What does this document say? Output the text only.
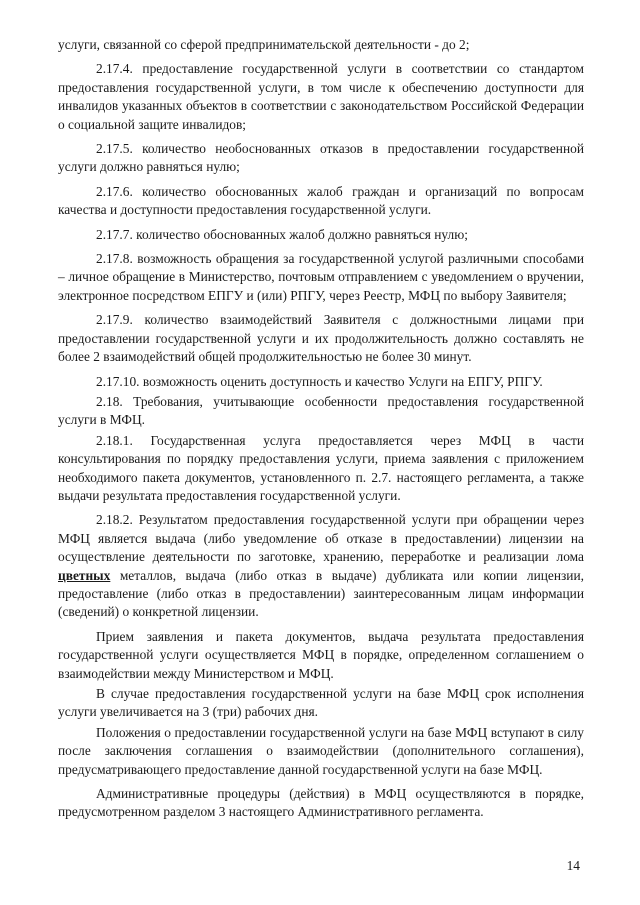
услуги, связанной со сферой предпринимательской деятельности - до 2;

2.17.4. предоставление государственной услуги в соответствии со стандартом предоставления государственной услуги, в том числе к обеспечению доступности для инвалидов указанных объектов в соответствии с законодательством Российской Федерации о социальной защите инвалидов;

2.17.5. количество необоснованных отказов в предоставлении государственной услуги должно равняться нулю;

2.17.6. количество обоснованных жалоб граждан и организаций по вопросам качества и доступности предоставления государственной услуги.

2.17.7. количество обоснованных жалоб должно равняться нулю;

2.17.8. возможность обращения за государственной услугой различными способами – личное обращение в Министерство, почтовым отправлением с уведомлением о вручении, электронное посредством ЕПГУ и (или) РПГУ, через Реестр, МФЦ по выбору Заявителя;

2.17.9. количество взаимодействий Заявителя с должностными лицами при предоставлении государственной услуги и их продолжительность должно составлять не более 2 взаимодействий общей продолжительностью не более 30 минут.

2.17.10. возможность оценить доступность и качество Услуги на ЕПГУ, РПГУ.

2.18. Требования, учитывающие особенности предоставления государственной услуги в МФЦ.

2.18.1. Государственная услуга предоставляется через МФЦ в части консультирования по порядку предоставления услуги, приема заявления с приложением необходимого пакета документов, установленного п. 2.7. настоящего регламента, а также выдачи результата предоставления государственной услуги.

2.18.2. Результатом предоставления государственной услуги при обращении через МФЦ является выдача (либо уведомление об отказе в предоставлении) лицензии на осуществление деятельности по заготовке, хранению, переработке и реализации лома цветных металлов, выдача (либо отказ в выдаче) дубликата или копии лицензии, предоставление (либо отказ в предоставлении) заинтересованным лицам информации (сведений) о конкретной лицензии.

Прием заявления и пакета документов, выдача результата предоставления государственной услуги осуществляется МФЦ в порядке, определенном соглашением о взаимодействии между Министерством и МФЦ.

В случае предоставления государственной услуги на базе МФЦ срок исполнения услуги увеличивается на 3 (три) рабочих дня.

Положения о предоставлении государственной услуги на базе МФЦ вступают в силу после заключения соглашения о взаимодействии (дополнительного соглашения), предусматривающего предоставление данной государственной услуги на базе МФЦ.

Административные процедуры (действия) в МФЦ осуществляются в порядке, предусмотренном разделом 3 настоящего Административного регламента.

14
